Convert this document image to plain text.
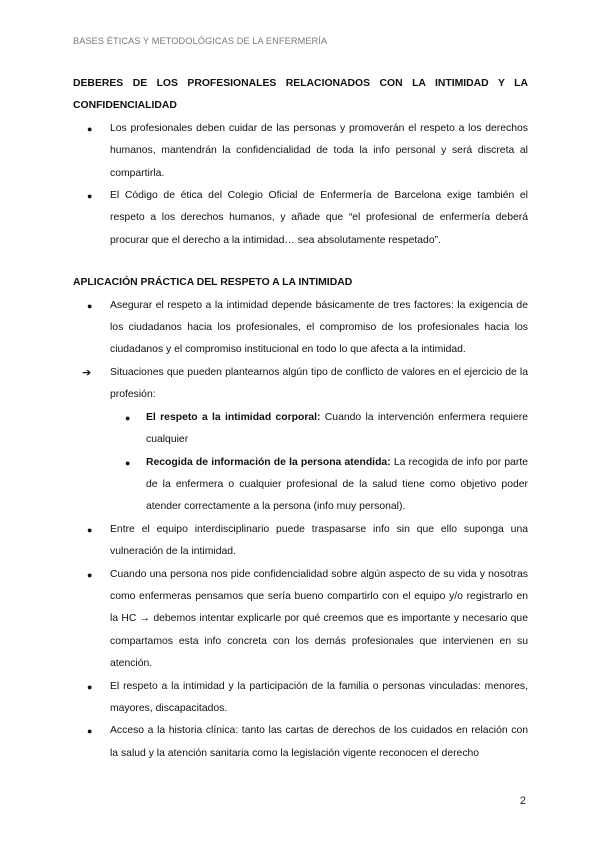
BASES ÉTICAS Y METODOLÓGICAS DE LA ENFERMERÍA

DEBERES DE LOS PROFESIONALES RELACIONADOS CON LA INTIMIDAD Y LA CONFIDENCIALIDAD

● Los profesionales deben cuidar de las personas y promoverán el respeto a los derechos humanos, mantendrán la confidencialidad de toda la info personal y será discreta al compartirla.
● El Código de ética del Colegio Oficial de Enfermería de Barcelona exige también el respeto a los derechos humanos, y añade que “el profesional de enfermería deberá procurar que el derecho a la intimidad… sea absolutamente respetado”.

APLICACIÓN PRÁCTICA DEL RESPETO A LA INTIMIDAD

● Asegurar el respeto a la intimidad depende básicamente de tres factores: la exigencia de los ciudadanos hacia los profesionales, el compromiso de los profesionales hacia los ciudadanos y el compromiso institucional en todo lo que afecta a la intimidad.
➔ Situaciones que pueden plantearnos algún tipo de conflicto de valores en el ejercicio de la profesión:
● El respeto a la intimidad corporal: Cuando la intervención enfermera requiere cualquier
● Recogida de información de la persona atendida: La recogida de info por parte de la enfermera o cualquier profesional de la salud tiene como objetivo poder atender correctamente a la persona (info muy personal).
● Entre el equipo interdisciplinario puede traspasarse info sin que ello suponga una vulneración de la intimidad.
● Cuando una persona nos pide confidencialidad sobre algún aspecto de su vida y nosotras como enfermeras pensamos que sería bueno compartirlo con el equipo y/o registrarlo en la HC → debemos intentar explicarle por qué creemos que es importante y necesario que compartamos esta info concreta con los demás profesionales que intervienen en su atención.
● El respeto a la intimidad y la participación de la familia o personas vinculadas: menores, mayores, discapacitados.
● Acceso a la historia clínica: tanto las cartas de derechos de los cuidados en relación con la salud y la atención sanitaria como la legislación vigente reconocen el derecho
2
